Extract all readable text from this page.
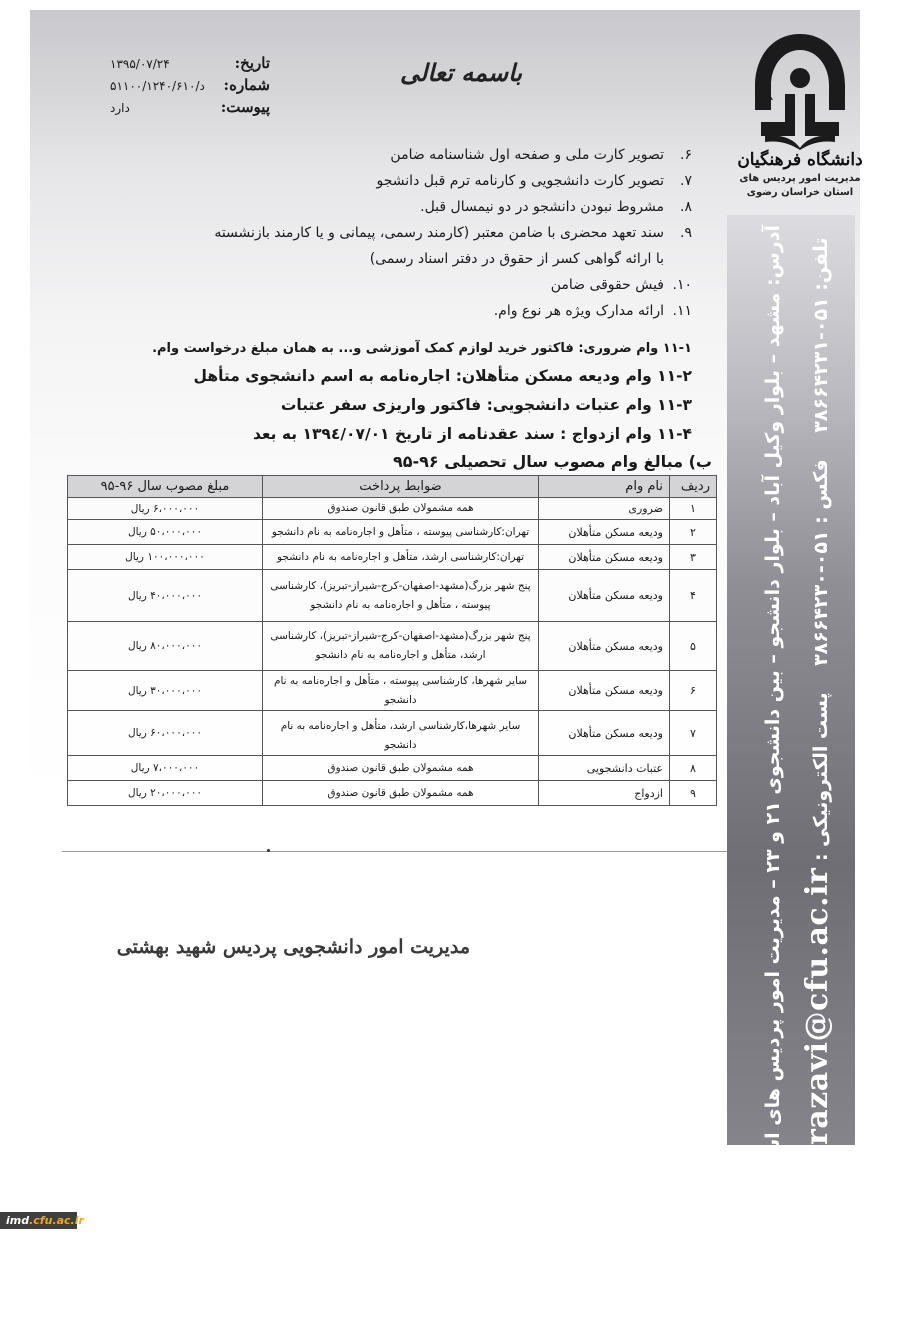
آدرس: مشهد – بلوار وکیل آباد – بلوار دانشجو – بین دانشجوی ۲۱ و ۲۳ – مدیریت امور پردیس های استان خراسان رضوی	تلفن: ۰۵۱-۳۸۶۶۴۲۳۱    فکس : ۰۵۱-۳۸۶۶۴۲۳۰    پست الکترونیکی : razavi@cfu.ac.ir
دانشگاه فرهنگیان
مدیریت امور پردیس های
استان خراسان رضوی
باسمه تعالی
تاریخ:
۱۳۹۵/۰۷/۲۴
شماره:
د/۵۱۱۰۰/۱۲۴۰/۶۱۰
پیوست:
دارد
۶.
تصویر کارت ملی و صفحه اول شناسنامه ضامن
۷.
تصویر کارت دانشجویی و کارنامه ترم قبل دانشجو
۸.
مشروط نبودن دانشجو در دو نیمسال قبل.
۹.
سند تعهد محضری با ضامن معتبر (کارمند رسمی، پیمانی و یا کارمند بازنشسته با ارائه گواهی کسر از حقوق در دفتر اسناد رسمی)
۱۰.
فیش حقوقی ضامن
۱۱.
ارائه مدارک ویژه هر نوع وام.
۱۱-۱ وام ضروری: فاکتور خرید لوازم کمک آموزشی و... به همان مبلغ درخواست وام.
۱۱-۲ وام ودیعه مسکن متأهلان: اجاره‌نامه به اسم دانشجوی متأهل
۱۱-۳ وام عتبات دانشجویی: فاکتور واریزی سفر عتبات
۱۱-۴ وام ازدواج : سند عقدنامه از تاریخ ۱۳۹٤/۰۷/۰۱ به بعد
ب) مبالغ وام مصوب سال تحصیلی ۹۶-۹۵
ردیف	نام وام	ضوابط پرداخت	مبلغ مصوب سال ۹۶-۹۵
۱	ضروری	همه مشمولان طبق قانون صندوق	۶،۰۰۰،۰۰۰ ریال
۲	ودیعه مسکن متأهلان	تهران:کارشناسی پیوسته ، متأهل و اجاره‌نامه به نام دانشجو	۵۰،۰۰۰،۰۰۰ ریال
۳	ودیعه مسکن متأهلان	تهران:کارشناسی ارشد، متأهل و اجاره‌نامه به نام دانشجو	۱۰۰،۰۰۰،۰۰۰ ریال
۴	ودیعه مسکن متأهلان	پنج شهر بزرگ(مشهد-اصفهان-کرج-شیراز-تبریز)، کارشناسی پیوسته ، متأهل و اجاره‌نامه به نام دانشجو	۴۰،۰۰۰،۰۰۰ ریال
۵	ودیعه مسکن متأهلان	پنج شهر بزرگ(مشهد-اصفهان-کرج-شیراز-تبریز)، کارشناسی ارشد، متأهل و اجاره‌نامه به نام دانشجو	۸۰،۰۰۰،۰۰۰ ریال
۶	ودیعه مسکن متأهلان	سایر شهرها، کارشناسی پیوسته ، متأهل و اجاره‌نامه به نام دانشجو	۳۰،۰۰۰،۰۰۰ ریال
۷	ودیعه مسکن متأهلان	سایر شهرها،کارشناسی ارشد، متأهل و اجاره‌نامه به نام دانشجو	۶۰،۰۰۰،۰۰۰ ریال
۸	عتبات دانشجویی	همه مشمولان طبق قانون صندوق	۷،۰۰۰،۰۰۰ ریال
۹	ازدواج	همه مشمولان طبق قانون صندوق	۲۰،۰۰۰،۰۰۰ ریال
مدیریت امور دانشجویی پردیس شهید بهشتی
imd.cfu.ac.ir
